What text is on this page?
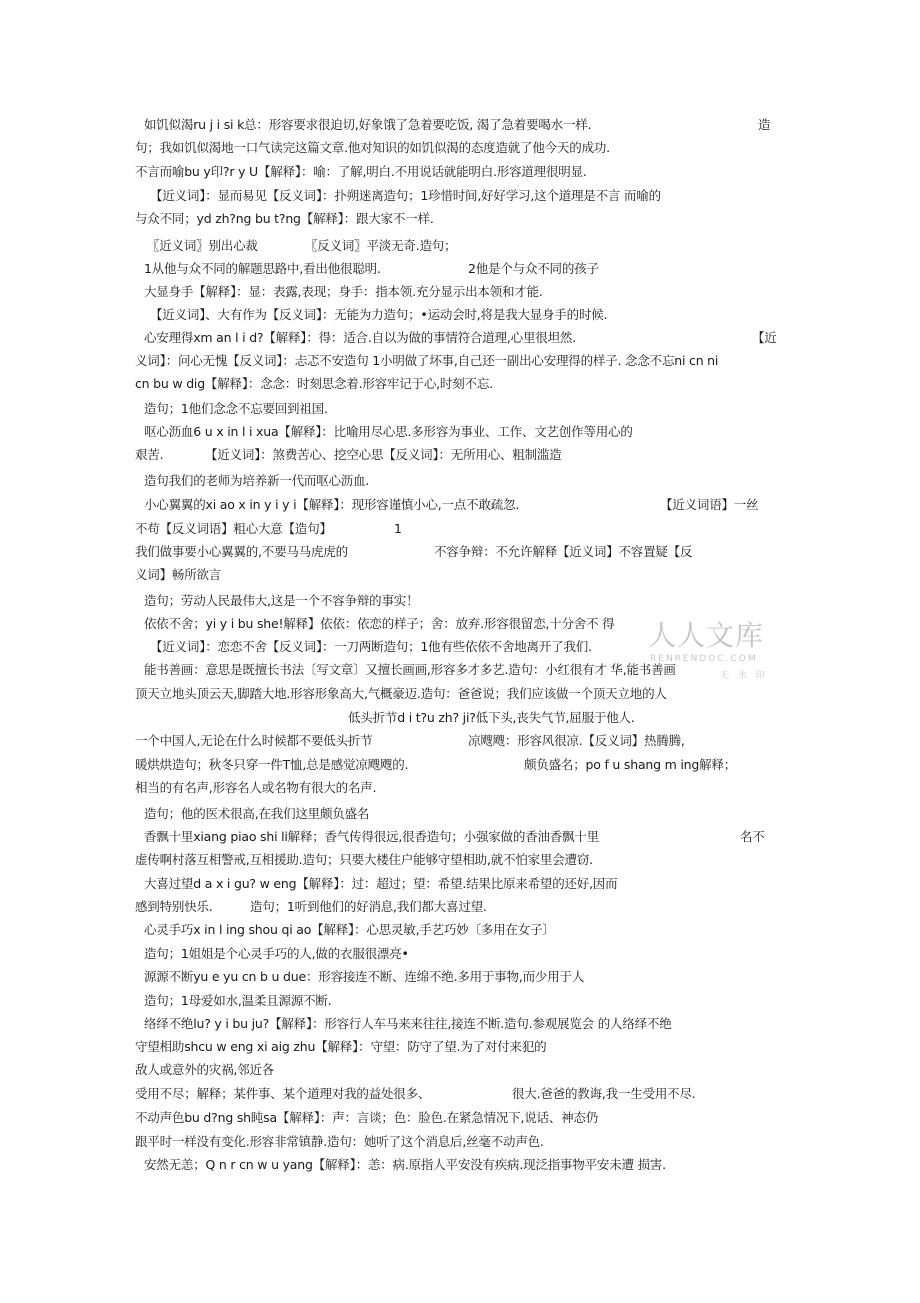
如饥似渴ru j i si k总：形容要求很迫切,好象饿了急着要吃饭, 渴了急着要喝水一样.	造
句；我如饥似渴地一口气读完这篇文章.他对知识的如饥似渴的态度造就了他今天的成功.
不言而喻bu y印?r y U【解释】：喻：了解,明白.不用说话就能明白.形容道理很明显.
【近义词】：显而易见【反义词】：扑朔迷离造句；1珍惜时间,好好学习,这个道理是不言 而喻的
与众不同；yd zh?ng bu t?ng【解释】：跟大家不一样.
〖近义词〗别出心裁	〖反义词〗平淡无奇.造句；
1从他与众不同的解题思路中,看出他很聪明.	2他是个与众不同的孩子
大显身手【解释】：显：表露,表现；身手：指本领.充分显示出本领和才能.
【近义词】、大有作为【反义词】：无能为力造句；•运动会时,将是我大显身手的时候.
心安理得xm an l i d?【解释】：得：适合.自以为做的事情符合道理,心里很坦然.	【近
义词】：问心无愧【反义词】：忐忑不安造句 1小明做了坏事,自己还一副出心安理得的样子. 念念不忘ni cn ni
cn bu w dig【解释】：念念：时刻思念着.形容牢记于心,时刻不忘.
造句；1他们念念不忘要回到祖国.
呕心沥血6 u x in l i xua【解释】：比喻用尽心思.多形容为事业、工作、文艺创作等用心的
艰苦.	【近义词】：煞费苦心、挖空心思【反义词】：无所用心、粗制滥造
造句我们的老师为培养新一代而呕心沥血.
小心翼翼的xi ao x in y i y i【解释】：现形容谨慎小心,一点不敢疏忽.	【近义词语】一丝
不苟【反义词语】粗心大意【造句】	1
我们做事要小心翼翼的,不要马马虎虎的	不容争辩：不允许解释【近义词】不容置疑【反
义词】畅所欲言
造句；劳动人民最伟大,这是一个不容争辩的事实！
依依不舍；yi y i bu she!解释】依依：依恋的样子；舍：放弃.形容很留恋,十分舍不 得
【近义词】：恋恋不舍【反义词】：一刀两断造句；1他有些依依不舍地离开了我们.
能书善画：意思是既擅长书法〔写文章〕又擅长画画,形容多才多艺.造句：小红很有才 华,能书善画
顶天立地头顶云天,脚踏大地.形容形象高大,气概豪迈.造句：爸爸说；我们应该做一个顶天立地的人
低头折节d i t?u zh? ji?低下头,丧失气节,屈服于他人.
一个中国人,无论在什么时候都不要低头折节	凉飕飕：形容风很凉.【反义词】热腾腾,
暖烘烘造句；秋冬只穿一件T恤,总是感觉凉飕飕的.	颇负盛名；po f u shang m ing解释；
相当的有名声,形容名人或名物有很大的名声.
造句；他的医术很高,在我们这里颇负盛名
香飘十里xiang piao shi li解释；香气传得很远,很香造句；小强家做的香油香飘十里	名不
虚传啊村落互相警戒,互相援助.造句；只要大楼住户能够守望相助,就不怕家里会遭窃.
大喜过望d a x i gu? w eng【解释】：过：超过；望：希望.结果比原来希望的还好,因而
感到特别快乐.	造句；1听到他们的好消息,我们都大喜过望.
心灵手巧x in l ing shou qi ao【解释】：心思灵敏,手艺巧妙〔多用在女子〕
造句；1姐姐是个心灵手巧的人,做的衣服很漂亮•
源源不断yu e yu cn b u due：形容接连不断、连绵不绝.多用于事物,而少用于人
造句；1母爱如水,温柔且源源不断.
络绎不绝lu? y i bu ju?【解释】：形容行人车马来来往往,接连不断.造句.参观展览会 的人络绎不绝
守望相助shcu w eng xi aig zhu【解释】：守望：防守了望.为了对付来犯的
敌人或意外的灾祸,邻近各
受用不尽；解释；某件事、某个道理对我的益处很多、	很大.爸爸的教诲,我一生受用不尽.
不动声色bu d?ng sh盹sa【解释】：声：言谈；色：脸色.在紧急情况下,说话、神态仍
跟平时一样没有变化.形容非常镇静.造句：她听了这个消息后,丝毫不动声色.
安然无恙；Q n r cn w u yang【解释】：恙：病.原指人平安没有疾病.现泛指事物平安未遭 损害.
人人文库
RENRENDOC.COM
无 水 印
